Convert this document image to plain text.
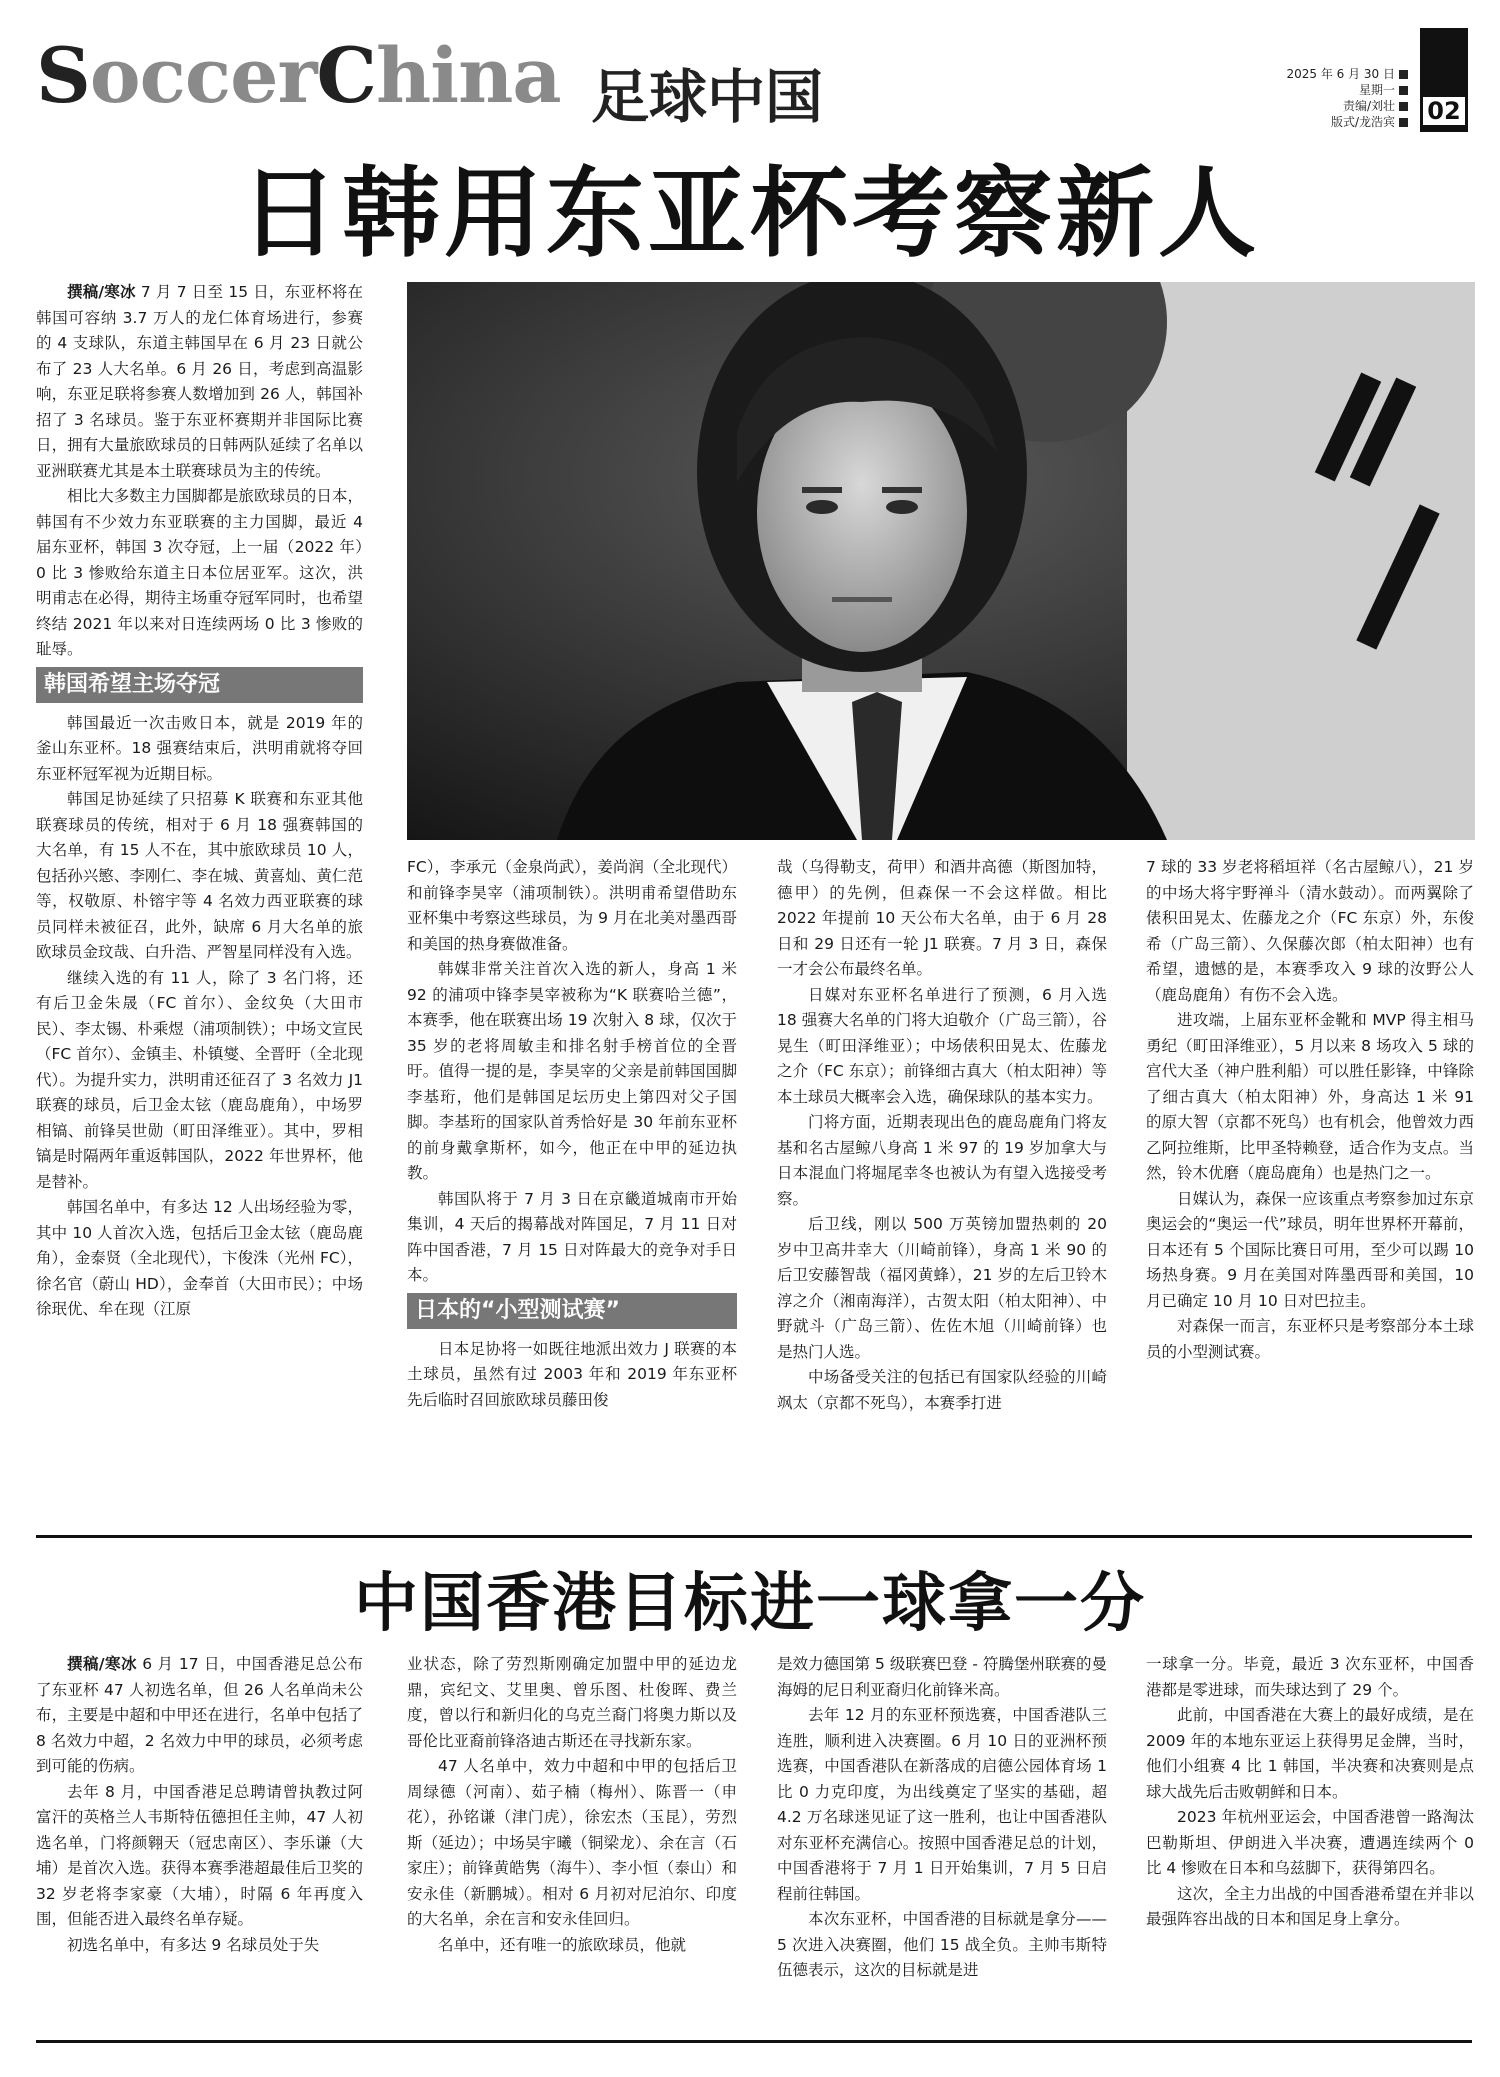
SoccerChina 足球中国	2025 年 6 月 30 日
星期一
责编/刘壮
版式/龙浩宾	02
日韩用东亚杯考察新人

撰稿/寒冰 7 月 7 日至 15 日，东亚杯将在韩国可容纳 3.7 万人的龙仁体育场进行，参赛的 4 支球队，东道主韩国早在 6 月 23 日就公布了 23 人大名单。6 月 26 日，考虑到高温影响，东亚足联将参赛人数增加到 26 人，韩国补招了 3 名球员。鉴于东亚杯赛期并非国际比赛日，拥有大量旅欧球员的日韩两队延续了名单以亚洲联赛尤其是本土联赛球员为主的传统。

相比大多数主力国脚都是旅欧球员的日本，韩国有不少效力东亚联赛的主力国脚，最近 4 届东亚杯，韩国 3 次夺冠，上一届（2022 年）0 比 3 惨败给东道主日本位居亚军。这次，洪明甫志在必得，期待主场重夺冠军同时，也希望终结 2021 年以来对日连续两场 0 比 3 惨败的耻辱。

韩国希望主场夺冠

韩国最近一次击败日本，就是 2019 年的釜山东亚杯。18 强赛结束后，洪明甫就将夺回东亚杯冠军视为近期目标。

韩国足协延续了只招募 K 联赛和东亚其他联赛球员的传统，相对于 6 月 18 强赛韩国的大名单，有 15 人不在，其中旅欧球员 10 人，包括孙兴慜、李刚仁、李在城、黄喜灿、黄仁范等，权敬原、朴镕宇等 4 名效力西亚联赛的球员同样未被征召，此外，缺席 6 月大名单的旅欧球员金玟哉、白升浩、严智星同样没有入选。

继续入选的有 11 人，除了 3 名门将，还有后卫金朱晟（FC 首尔）、金纹奂（大田市民）、李太锡、朴乘煜（浦项制铁）；中场文宣民（FC 首尔）、金镇圭、朴镇燮、全晋旴（全北现代）。为提升实力，洪明甫还征召了 3 名效力 J1 联赛的球员，后卫金太铉（鹿岛鹿角），中场罗相镐、前锋吴世勋（町田泽维亚）。其中，罗相镐是时隔两年重返韩国队，2022 年世界杯，他是替补。

韩国名单中，有多达 12 人出场经验为零，其中 10 人首次入选，包括后卫金太铉（鹿岛鹿角），金泰贤（全北现代），卞俊洙（光州 FC），徐名官（蔚山 HD），金奉首（大田市民）；中场徐珉优、牟在现（江原

FC），李承元（金泉尚武），姜尚润（全北现代）和前锋李昊宰（浦项制铁）。洪明甫希望借助东亚杯集中考察这些球员，为 9 月在北美对墨西哥和美国的热身赛做准备。

韩媒非常关注首次入选的新人，身高 1 米 92 的浦项中锋李昊宰被称为“K 联赛哈兰德”，本赛季，他在联赛出场 19 次射入 8 球，仅次于 35 岁的老将周敏圭和排名射手榜首位的全晋旴。值得一提的是，李昊宰的父亲是前韩国国脚李基珩，他们是韩国足坛历史上第四对父子国脚。李基珩的国家队首秀恰好是 30 年前东亚杯的前身戴拿斯杯，如今，他正在中甲的延边执教。

韩国队将于 7 月 3 日在京畿道城南市开始集训，4 天后的揭幕战对阵国足，7 月 11 日对阵中国香港，7 月 15 日对阵最大的竞争对手日本。

日本的“小型测试赛”

日本足协将一如既往地派出效力 J 联赛的本土球员，虽然有过 2003 年和 2019 年东亚杯先后临时召回旅欧球员藤田俊

哉（乌得勒支，荷甲）和酒井高德（斯图加特，德甲）的先例，但森保一不会这样做。相比 2022 年提前 10 天公布大名单，由于 6 月 28 日和 29 日还有一轮 J1 联赛。7 月 3 日，森保一才会公布最终名单。

日媒对东亚杯名单进行了预测，6 月入选 18 强赛大名单的门将大迫敬介（广岛三箭），谷晃生（町田泽维亚）；中场俵积田晃太、佐藤龙之介（FC 东京）；前锋细古真大（柏太阳神）等本土球员大概率会入选，确保球队的基本实力。

门将方面，近期表现出色的鹿岛鹿角门将友基和名古屋鲸八身高 1 米 97 的 19 岁加拿大与日本混血门将堀尾幸冬也被认为有望入选接受考察。

后卫线，刚以 500 万英镑加盟热刺的 20 岁中卫高井幸大（川崎前锋），身高 1 米 90 的后卫安藤智哉（福冈黄蜂），21 岁的左后卫铃木淳之介（湘南海洋），古贺太阳（柏太阳神）、中野就斗（广岛三箭）、佐佐木旭（川崎前锋）也是热门人选。

中场备受关注的包括已有国家队经验的川崎飒太（京都不死鸟），本赛季打进

7 球的 33 岁老将稻垣祥（名古屋鲸八），21 岁的中场大将宇野禅斗（清水鼓动）。而两翼除了俵积田晃太、佐藤龙之介（FC 东京）外，东俊希（广岛三箭）、久保藤次郎（柏太阳神）也有希望，遗憾的是，本赛季攻入 9 球的汝野公人（鹿岛鹿角）有伤不会入选。

进攻端，上届东亚杯金靴和 MVP 得主相马勇纪（町田泽维亚），5 月以来 8 场攻入 5 球的宫代大圣（神户胜利船）可以胜任影锋，中锋除了细古真大（柏太阳神）外，身高达 1 米 91 的原大智（京都不死鸟）也有机会，他曾效力西乙阿拉维斯，比甲圣特赖登，适合作为支点。当然，铃木优磨（鹿岛鹿角）也是热门之一。

日媒认为，森保一应该重点考察参加过东京奥运会的“奥运一代”球员，明年世界杯开幕前，日本还有 5 个国际比赛日可用，至少可以踢 10 场热身赛。9 月在美国对阵墨西哥和美国，10 月已确定 10 月 10 日对巴拉圭。

对森保一而言，东亚杯只是考察部分本土球员的小型测试赛。

中国香港目标进一球拿一分

撰稿/寒冰 6 月 17 日，中国香港足总公布了东亚杯 47 人初选名单，但 26 人名单尚未公布，主要是中超和中甲还在进行，名单中包括了 8 名效力中超，2 名效力中甲的球员，必须考虑到可能的伤病。

去年 8 月，中国香港足总聘请曾执教过阿富汗的英格兰人韦斯特伍德担任主帅，47 人初选名单，门将颜翱天（冠忠南区）、李乐谦（大埔）是首次入选。获得本赛季港超最佳后卫奖的 32 岁老将李家豪（大埔），时隔 6 年再度入围，但能否进入最终名单存疑。

初选名单中，有多达 9 名球员处于失

业状态，除了劳烈斯刚确定加盟中甲的延边龙鼎，宾纪文、艾里奥、曾乐图、杜俊晖、费兰度，曾以行和新归化的乌克兰裔门将奥力斯以及哥伦比亚裔前锋洛迪古斯还在寻找新东家。

47 人名单中，效力中超和中甲的包括后卫周绿德（河南）、茹子楠（梅州）、陈晋一（申花），孙铭谦（津门虎），徐宏杰（玉昆），劳烈斯（延边）；中场吴宇曦（铜梁龙）、余在言（石家庄）；前锋黄皓隽（海牛）、李小恒（泰山）和安永佳（新鹏城）。相对 6 月初对尼泊尔、印度的大名单，余在言和安永佳回归。

名单中，还有唯一的旅欧球员，他就

是效力德国第 5 级联赛巴登 - 符腾堡州联赛的曼海姆的尼日利亚裔归化前锋米高。

去年 12 月的东亚杯预选赛，中国香港队三连胜，顺利进入决赛圈。6 月 10 日的亚洲杯预选赛，中国香港队在新落成的启德公园体育场 1 比 0 力克印度，为出线奠定了坚实的基础，超 4.2 万名球迷见证了这一胜利，也让中国香港队对东亚杯充满信心。按照中国香港足总的计划，中国香港将于 7 月 1 日开始集训，7 月 5 日启程前往韩国。

本次东亚杯，中国香港的目标就是拿分——5 次进入决赛圈，他们 15 战全负。主帅韦斯特伍德表示，这次的目标就是进

一球拿一分。毕竟，最近 3 次东亚杯，中国香港都是零进球，而失球达到了 29 个。

此前，中国香港在大赛上的最好成绩，是在 2009 年的本地东亚运上获得男足金牌，当时，他们小组赛 4 比 1 韩国，半决赛和决赛则是点球大战先后击败朝鲜和日本。

2023 年杭州亚运会，中国香港曾一路淘汰巴勒斯坦、伊朗进入半决赛，遭遇连续两个 0 比 4 惨败在日本和乌兹脚下，获得第四名。

这次，全主力出战的中国香港希望在并非以最强阵容出战的日本和国足身上拿分。
